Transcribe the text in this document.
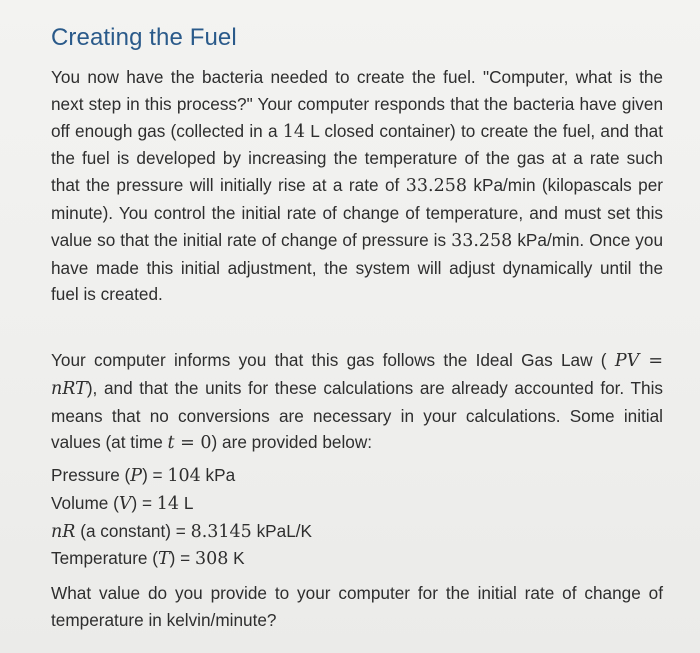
Creating the Fuel

You now have the bacteria needed to create the fuel. "Computer, what is the next step in this process?" Your computer responds that the bacteria have given off enough gas (collected in a 14 L closed container) to create the fuel, and that the fuel is developed by increasing the temperature of the gas at a rate such that the pressure will initially rise at a rate of 33.258 kPa/min (kilopascals per minute). You control the initial rate of change of temperature, and must set this value so that the initial rate of change of pressure is 33.258 kPa/min. Once you have made this initial adjustment, the system will adjust dynamically until the fuel is created.

Your computer informs you that this gas follows the Ideal Gas Law ( PV = nRT), and that the units for these calculations are already accounted for. This means that no conversions are necessary in your calculations. Some initial values (at time t = 0) are provided below:

Pressure (P) = 104 kPa
Volume (V) = 14 L
nR (a constant) = 8.3145 kPaL/K
Temperature (T) = 308 K

What value do you provide to your computer for the initial rate of change of temperature in kelvin/minute?
